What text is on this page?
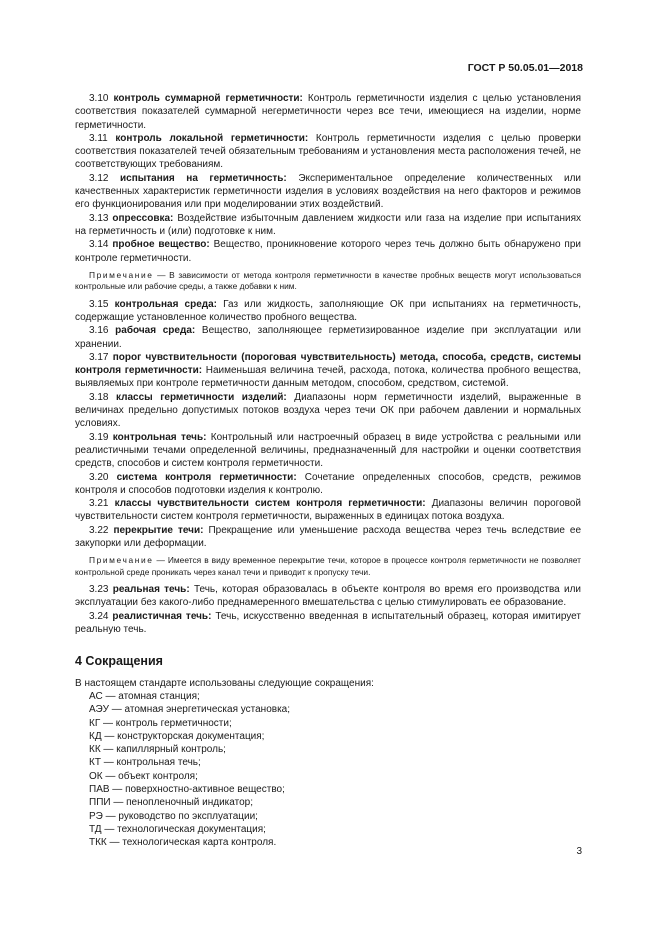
ГОСТ Р 50.05.01—2018

3.10 контроль суммарной герметичности: Контроль герметичности изделия с целью установления соответствия показателей суммарной негерметичности через все течи, имеющиеся на изделии, норме герметичности.

3.11 контроль локальной герметичности: Контроль герметичности изделия с целью проверки соответствия показателей течей обязательным требованиям и установления места расположения течей, не соответствующих требованиям.

3.12 испытания на герметичность: Экспериментальное определение количественных или качественных характеристик герметичности изделия в условиях воздействия на него факторов и режимов его функционирования или при моделировании этих воздействий.

3.13 опрессовка: Воздействие избыточным давлением жидкости или газа на изделие при испытаниях на герметичность и (или) подготовке к ним.

3.14 пробное вещество: Вещество, проникновение которого через течь должно быть обнаружено при контроле герметичности.

Примечание — В зависимости от метода контроля герметичности в качестве пробных веществ могут использоваться контрольные или рабочие среды, а также добавки к ним.

3.15 контрольная среда: Газ или жидкость, заполняющие ОК при испытаниях на герметичность, содержащие установленное количество пробного вещества.

3.16 рабочая среда: Вещество, заполняющее герметизированное изделие при эксплуатации или хранении.

3.17 порог чувствительности (пороговая чувствительность) метода, способа, средств, системы контроля герметичности: Наименьшая величина течей, расхода, потока, количества пробного вещества, выявляемых при контроле герметичности данным методом, способом, средством, системой.

3.18 классы герметичности изделий: Диапазоны норм герметичности изделий, выраженные в величинах предельно допустимых потоков воздуха через течи ОК при рабочем давлении и нормальных условиях.

3.19 контрольная течь: Контрольный или настроечный образец в виде устройства с реальными или реалистичными течами определенной величины, предназначенный для настройки и оценки соответствия средств, способов и систем контроля герметичности.

3.20 система контроля герметичности: Сочетание определенных способов, средств, режимов контроля и способов подготовки изделия к контролю.

3.21 классы чувствительности систем контроля герметичности: Диапазоны величин пороговой чувствительности систем контроля герметичности, выраженных в единицах потока воздуха.

3.22 перекрытие течи: Прекращение или уменьшение расхода вещества через течь вследствие ее закупорки или деформации.

Примечание — Имеется в виду временное перекрытие течи, которое в процессе контроля герметичности не позволяет контрольной среде проникать через канал течи и приводит к пропуску течи.

3.23 реальная течь: Течь, которая образовалась в объекте контроля во время его производства или эксплуатации без какого-либо преднамеренного вмешательства с целью стимулировать ее образование.

3.24 реалистичная течь: Течь, искусственно введенная в испытательный образец, которая имитирует реальную течь.

4 Сокращения

В настоящем стандарте использованы следующие сокращения:

АС — атомная станция;
АЭУ — атомная энергетическая установка;
КГ — контроль герметичности;
КД — конструкторская документация;
КК — капиллярный контроль;
КТ — контрольная течь;
ОК — объект контроля;
ПАВ — поверхностно-активное вещество;
ППИ — пенопленочный индикатор;
РЭ — руководство по эксплуатации;
ТД — технологическая документация;
ТКК — технологическая карта контроля.
3
